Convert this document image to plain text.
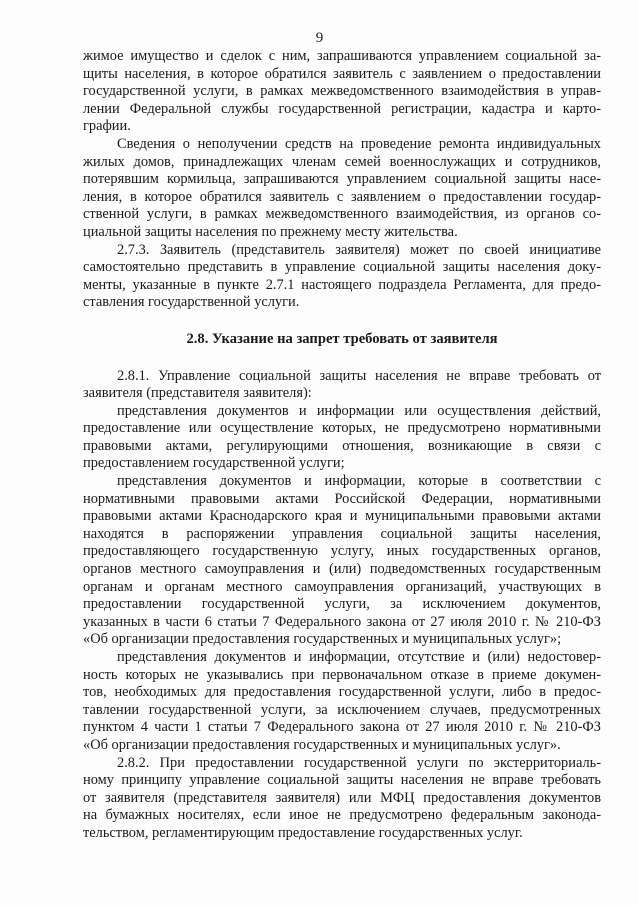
9
жимое имущество и сделок с ним, запрашиваются управлением социальной за-
щиты населения, в которое обратился заявитель с заявлением о предоставлении
государственной услуги, в рамках межведомственного взаимодействия в управ-
лении Федеральной службы государственной регистрации, кадастра и карто-
графии.
Сведения о неполучении средств на проведение ремонта индивидуальных
жилых домов, принадлежащих членам семей военнослужащих и сотрудников,
потерявшим кормильца, запрашиваются управлением социальной защиты насе-
ления, в которое обратился заявитель с заявлением о предоставлении государ-
ственной услуги, в рамках межведомственного взаимодействия, из органов со-
циальной защиты населения по прежнему месту жительства.
2.7.3. Заявитель (представитель заявителя) может по своей инициативе
самостоятельно представить в управление социальной защиты населения доку-
менты, указанные в пункте 2.7.1 настоящего подраздела Регламента, для предо-
ставления государственной услуги.
2.8. Указание на запрет требовать от заявителя
2.8.1. Управление социальной защиты населения не вправе требовать от
заявителя (представителя заявителя):
представления документов и информации или осуществления действий,
предоставление или осуществление которых, не предусмотрено нормативными
правовыми актами, регулирующими отношения, возникающие в связи с
предоставлением государственной услуги;
представления документов и информации, которые в соответствии с
нормативными правовыми актами Российской Федерации, нормативными
правовыми актами Краснодарского края и муниципальными правовыми актами
находятся в распоряжении управления социальной защиты населения,
предоставляющего государственную услугу, иных государственных органов,
органов местного самоуправления и (или) подведомственных государственным
органам и органам местного самоуправления организаций, участвующих в
предоставлении государственной услуги, за исключением документов,
указанных в части 6 статьи 7 Федерального закона от 27 июля 2010 г. № 210-ФЗ
«Об организации предоставления государственных и муниципальных услуг»;
представления документов и информации, отсутствие и (или) недостовер-
ность которых не указывались при первоначальном отказе в приеме докумен-
тов, необходимых для предоставления государственной услуги, либо в предос-
тавлении государственной услуги, за исключением случаев, предусмотренных
пунктом 4 части 1 статьи 7 Федерального закона от 27 июля 2010 г. № 210-ФЗ
«Об организации предоставления государственных и муниципальных услуг».
2.8.2. При предоставлении государственной услуги по экстерриториаль-
ному принципу управление социальной защиты населения не вправе требовать
от заявителя (представителя заявителя) или МФЦ предоставления документов
на бумажных носителях, если иное не предусмотрено федеральным законода-
тельством, регламентирующим предоставление государственных услуг.
